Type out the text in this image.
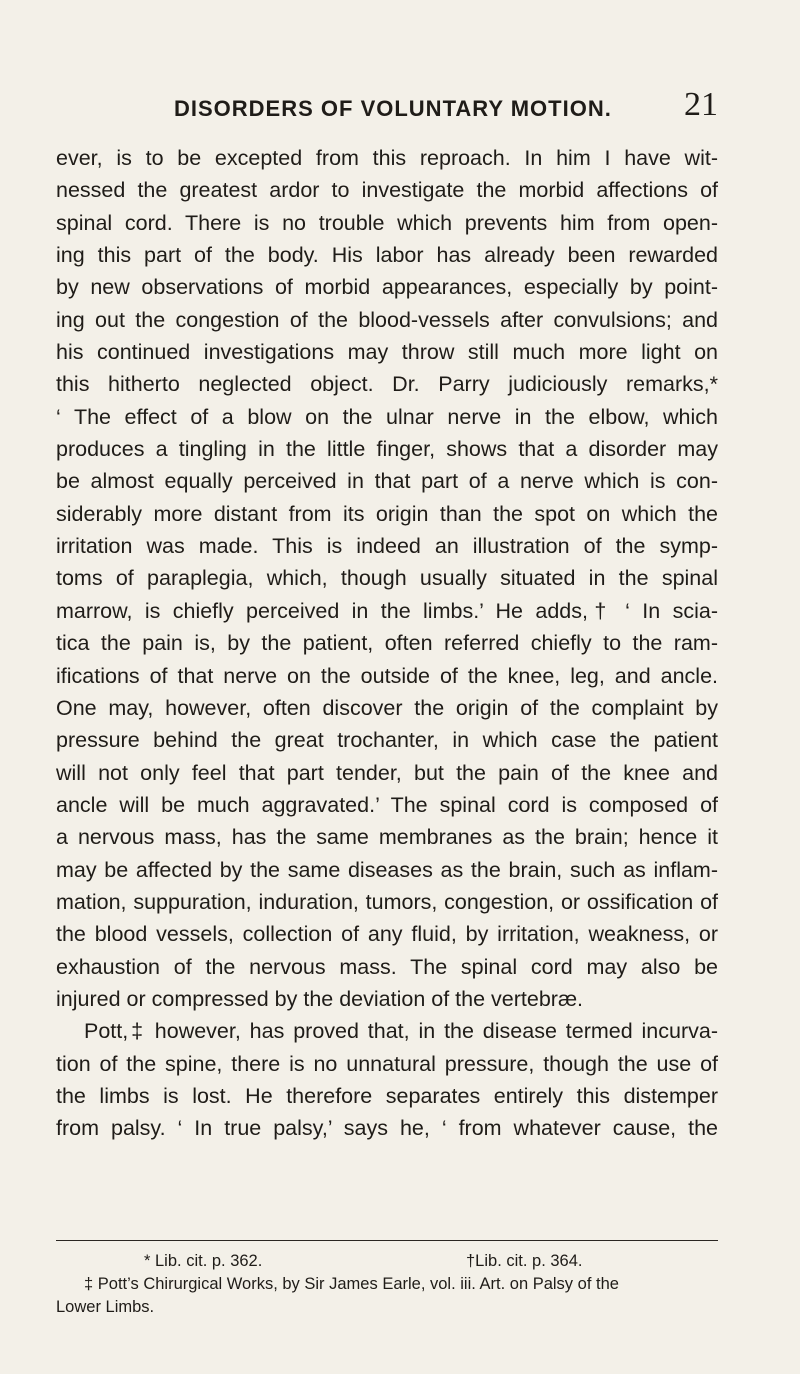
DISORDERS OF VOLUNTARY MOTION. 21
ever, is to be excepted from this reproach. In him I have wit-
nessed the greatest ardor to investigate the morbid affections of
spinal cord. There is no trouble which prevents him from open-
ing this part of the body. His labor has already been rewarded
by new observations of morbid appearances, especially by point-
ing out the congestion of the blood-vessels after convulsions; and
his continued investigations may throw still much more light on
this hitherto neglected object. Dr. Parry judiciously remarks,*
‘ The effect of a blow on the ulnar nerve in the elbow, which
produces a tingling in the little finger, shows that a disorder may
be almost equally perceived in that part of a nerve which is con-
siderably more distant from its origin than the spot on which the
irritation was made. This is indeed an illustration of the symp-
toms of paraplegia, which, though usually situated in the spinal
marrow, is chiefly perceived in the limbs.’ He adds,† ‘ In scia-
tica the pain is, by the patient, often referred chiefly to the ram-
ifications of that nerve on the outside of the knee, leg, and ancle.
One may, however, often discover the origin of the complaint by
pressure behind the great trochanter, in which case the patient
will not only feel that part tender, but the pain of the knee and
ancle will be much aggravated.’ The spinal cord is composed of
a nervous mass, has the same membranes as the brain; hence it
may be affected by the same diseases as the brain, such as inflam-
mation, suppuration, induration, tumors, congestion, or ossification of
the blood vessels, collection of any fluid, by irritation, weakness, or
exhaustion of the nervous mass. The spinal cord may also be
injured or compressed by the deviation of the vertebræ.
Pott,‡ however, has proved that, in the disease termed incurva-
tion of the spine, there is no unnatural pressure, though the use of
the limbs is lost. He therefore separates entirely this distemper
from palsy. ‘ In true palsy,’ says he, ‘ from whatever cause, the
* Lib. cit. p. 362.	†Lib. cit. p. 364.
‡ Pott’s Chirurgical Works, by Sir James Earle, vol. iii. Art. on Palsy of the
Lower Limbs.
